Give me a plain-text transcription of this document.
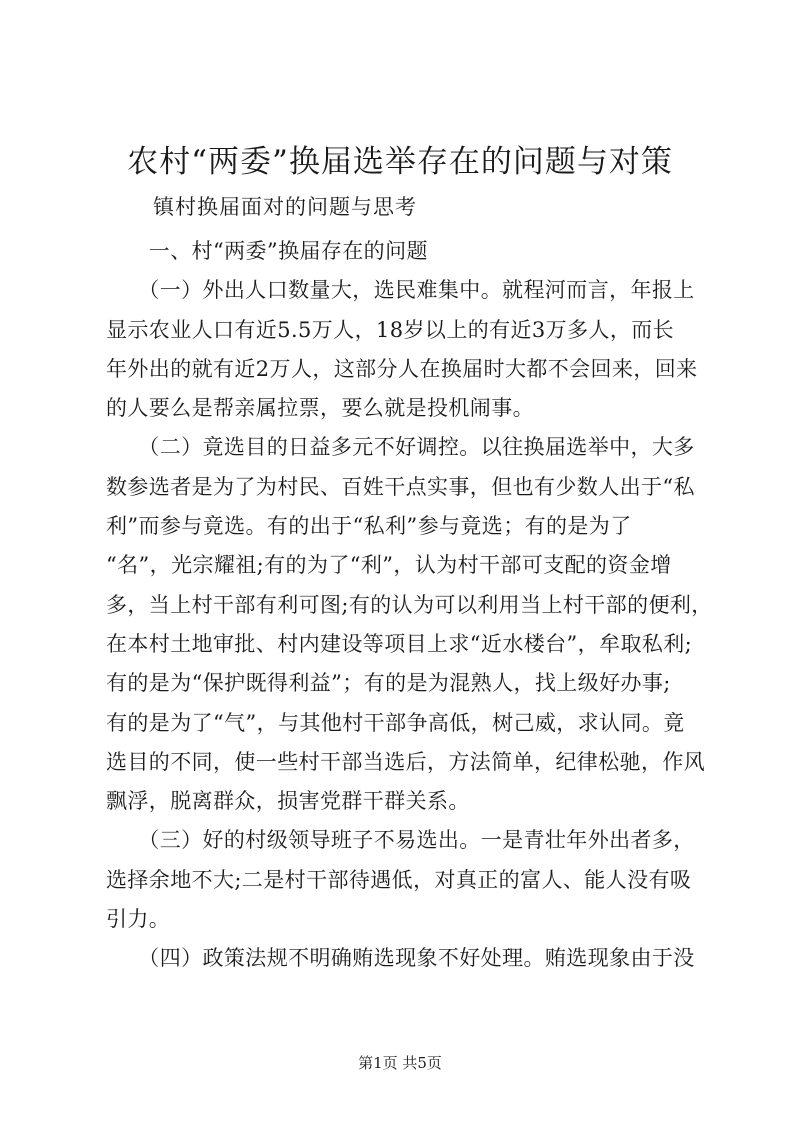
农村“两委”换届选举存在的问题与对策

镇村换届面对的问题与思考

　　一、村“两委”换届存在的问题
　　（一）外出人口数量大，选民难集中。就程河而言，年报上
显示农业人口有近5.5万人，18岁以上的有近3万多人，而长
年外出的就有近2万人，这部分人在换届时大都不会回来，回来
的人要么是帮亲属拉票，要么就是投机闹事。
　　（二）竟选目的日益多元不好调控。以往换届选举中，大多
数参选者是为了为村民、百姓干点实事，但也有少数人出于“私
利”而参与竟选。有的出于“私利”参与竟选；有的是为了
“名”，光宗耀祖;有的为了“利”，认为村干部可支配的资金增
多，当上村干部有利可图;有的认为可以利用当上村干部的便利，
在本村土地审批、村内建设等项目上求“近水楼台”，牟取私利;
有的是为“保护既得利益”；有的是为混熟人，找上级好办事;
有的是为了“气”，与其他村干部争高低，树己威，求认同。竟
选目的不同，使一些村干部当选后，方法简单，纪律松驰，作风
飘浮，脱离群众，损害党群干群关系。
　　（三）好的村级领导班子不易选出。一是青壮年外出者多，
选择余地不大;二是村干部待遇低，对真正的富人、能人没有吸
引力。
　　（四）政策法规不明确贿选现象不好处理。贿选现象由于没
第1页 共5页
